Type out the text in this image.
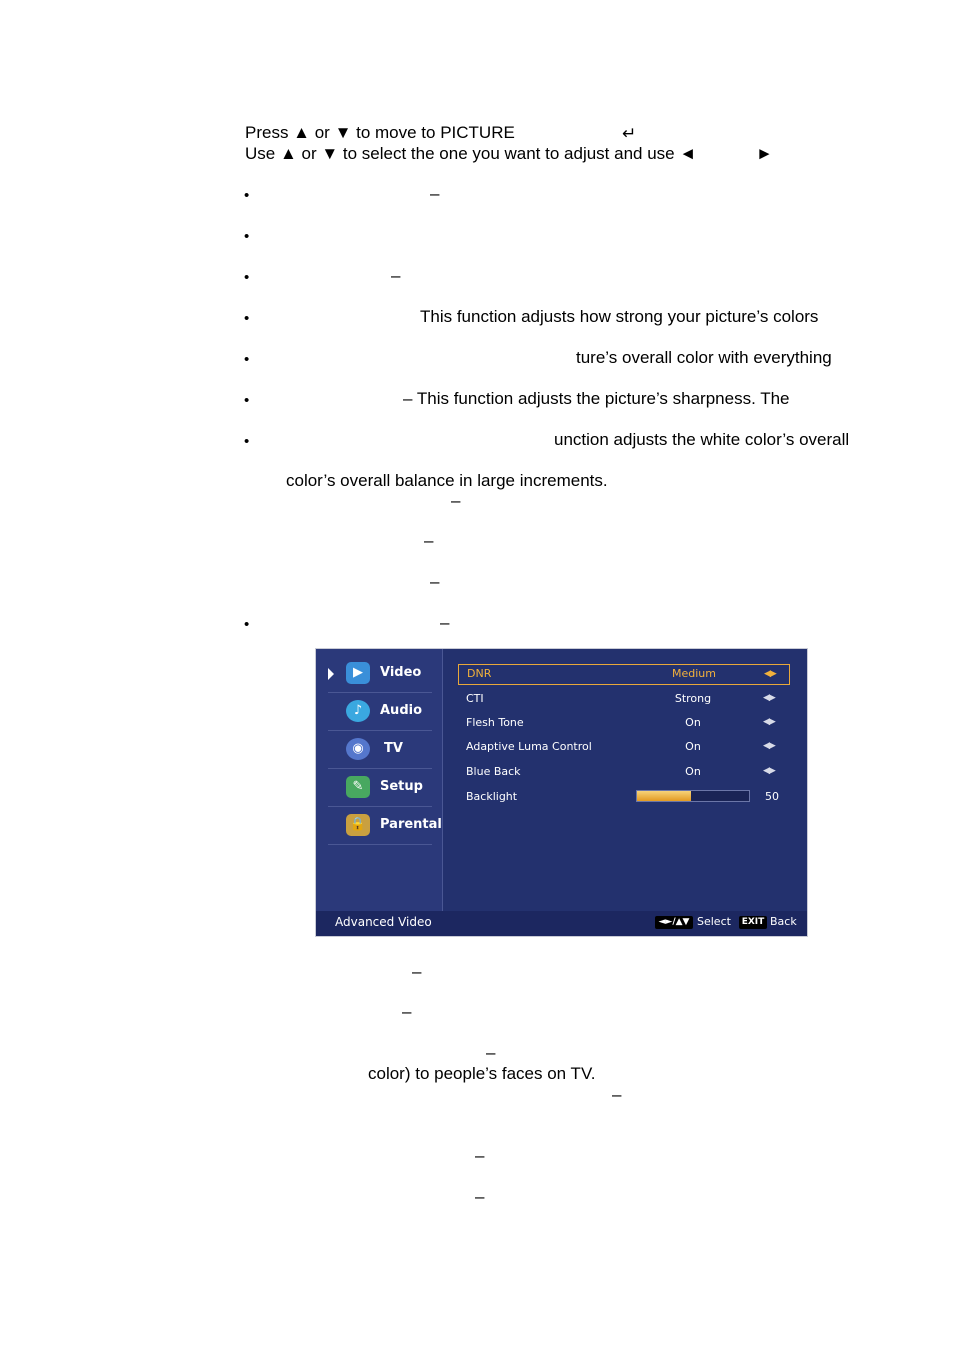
Press ▲ or ▼ to move to PICTURE	↵
Use ▲ or ▼ to select the one you want to adjust and use ◄	►
•	–
•
•	–
•	This function adjusts how strong your picture’s colors
•	ture’s overall color with everything
•	– This function adjusts the picture’s sharpness. The
•	unction adjusts the white color’s overall
color’s overall balance in large increments.
–
–
–
•	–
▶	Video
♪	Audio
◉	TV
✎	Setup
🔒	Parental
DNR	Medium	◀▶
CTI	Strong	◀▶
Flesh Tone	On	◀▶
Adaptive Luma Control	On	◀▶
Blue Back	On	◀▶
Backlight	50
Advanced Video	◄►/▲▼ Select	EXIT Back
–
–
–
color) to people’s faces on TV.
–
–
–
